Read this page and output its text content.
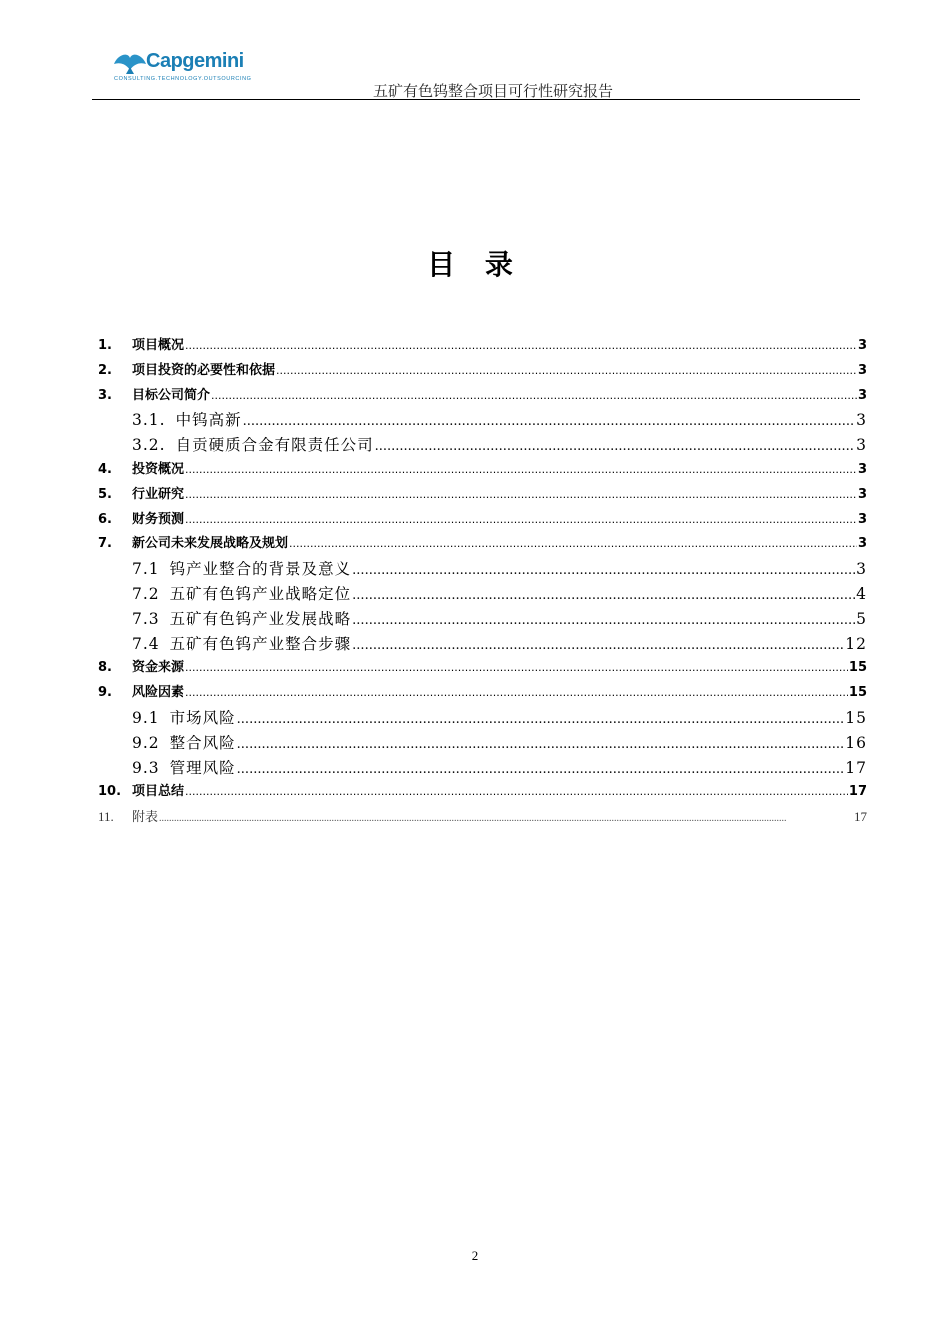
Capgemini
CONSULTING.TECHNOLOGY.OUTSOURCING
五矿有色钨整合项目可行性研究报告
目 录
1.	项目概况 .....	3
2.	项目投资的必要性和依据 .....	3
3.	目标公司简介 .....	3
3.1. 中钨高新 .....	3
3.2. 自贡硬质合金有限责任公司 .....	3
4.	投资概况 .....	3
5.	行业研究 .....	3
6.	财务预测 .....	3
7.	新公司未来发展战略及规划 .....	3
7.1 钨产业整合的背景及意义 .....	3
7.2 五矿有色钨产业战略定位 .....	4
7.3 五矿有色钨产业发展战略 .....	5
7.4 五矿有色钨产业整合步骤 .....	12
8.	资金来源 .....	15
9.	风险因素 .....	15
9.1 市场风险 .....	15
9.2 整合风险 .....	16
9.3 管理风险 .....	17
10. 项目总结 .....	17
11.	附表 .....	17
2
